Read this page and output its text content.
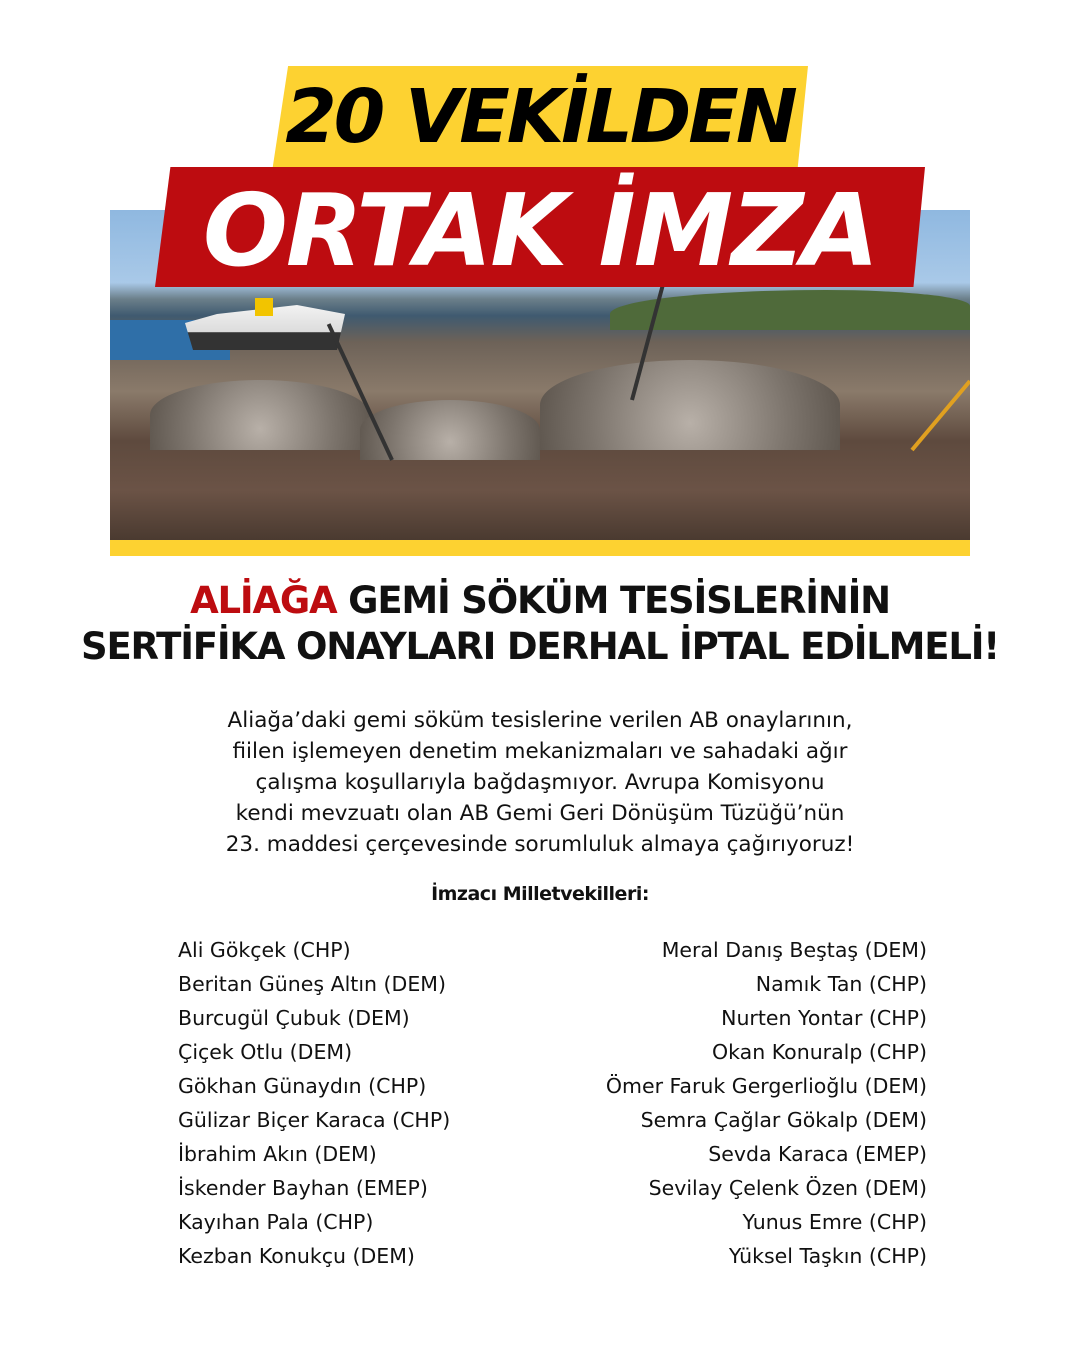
20 VEKİLDEN
ORTAK İMZA
ALİAĞA GEMİ SÖKÜM TESİSLERİNİN
SERTİFİKA ONAYLARI DERHAL İPTAL EDİLMELİ!
Aliağa’daki gemi söküm tesislerine verilen AB onaylarının,
fiilen işlemeyen denetim mekanizmaları ve sahadaki ağır
çalışma koşullarıyla bağdaşmıyor. Avrupa Komisyonu
kendi mevzuatı olan AB Gemi Geri Dönüşüm Tüzüğü’nün
23. maddesi çerçevesinde sorumluluk almaya çağırıyoruz!
İmzacı Milletvekilleri:
Ali Gökçek (CHP)
Beritan Güneş Altın (DEM)
Burcugül Çubuk (DEM)
Çiçek Otlu (DEM)
Gökhan Günaydın (CHP)
Gülizar Biçer Karaca (CHP)
İbrahim Akın (DEM)
İskender Bayhan (EMEP)
Kayıhan Pala (CHP)
Kezban Konukçu (DEM)
Meral Danış Beştaş (DEM)
Namık Tan (CHP)
Nurten Yontar (CHP)
Okan Konuralp (CHP)
Ömer Faruk Gergerlioğlu (DEM)
Semra Çağlar Gökalp (DEM)
Sevda Karaca (EMEP)
Sevilay Çelenk Özen (DEM)
Yunus Emre (CHP)
Yüksel Taşkın (CHP)
